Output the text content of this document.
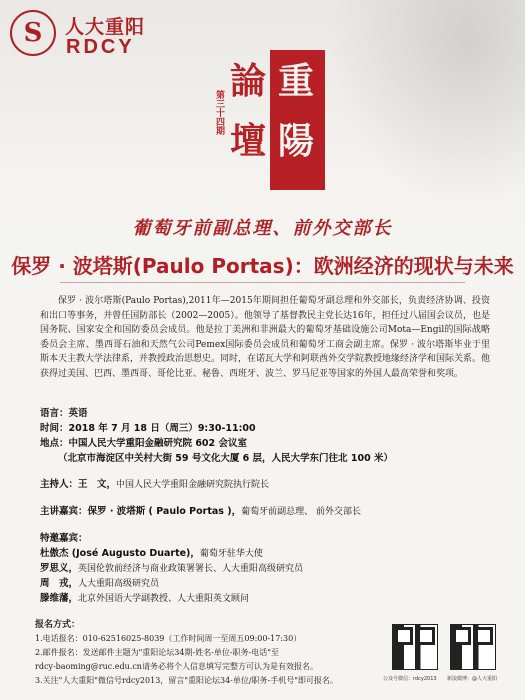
S	人大重阳
RDCY
重
陽
論
壇
第三十四期
葡萄牙前副总理、前外交部长
保罗 · 波塔斯(Paulo Portas)：欧洲经济的现状与未来
保罗 · 波尔塔斯(Paulo Portas),2011年—2015年期间担任葡萄牙副总理和外交部长，负责经济协调、投资和出口等事务，并曾任国防部长（2002—2005）。他领导了基督教民主党长达16年，担任过八届国会议员，也是国务院、国家安全和国防委员会成员。他是拉丁美洲和非洲最大的葡萄牙基础设施公司Mota—Engil的国际战略委员会主席、墨西哥石油和天然气公司Pemex国际委员会成员和葡萄牙工商会副主席。保罗 · 波尔塔斯毕业于里斯本天主教大学法律系，并教授政治思想史。同时，在诺瓦大学和阿联酋外交学院教授地缘经济学和国际关系。他获得过美国、巴西、墨西哥、哥伦比亚、秘鲁、西班牙、波兰、罗马尼亚等国家的外国人最高荣誉和奖项。
语言：英语
时间：2018 年 7 月 18 日（周三）9:30-11:00
地点：中国人民大学重阳金融研究院 602 会议室
（北京市海淀区中关村大街 59 号文化大厦 6 层，人民大学东门往北 100 米）
主持人：王　文，中国人民大学重阳金融研究院执行院长
主讲嘉宾：保罗 · 波塔斯 ( Paulo Portas )，葡萄牙前副总理、 前外交部长
特邀嘉宾：
杜傲杰 (José Augusto Duarte)，葡萄牙驻华大使
罗思义，英国伦敦前经济与商业政策署署长、人大重阳高级研究员
周　戎，人大重阳高级研究员
滕维藩，北京外国语大学副教授、人大重阳英文顾问
报名方式：
1.电话报名：010-62516025-8039（工作时间周一至周五09:00-17:30）
2.邮件报名：发送邮件主题为"重阳论坛34期-姓名-单位-职务-电话"至
rdcy-baoming@ruc.edu.cn请务必将个人信息填写完整方可认为是有效报名。
3.关注"人大重阳"微信号rdcy2013，留言"重阳论坛34-单位/职务-手机号"即可报名。	公众号微信：rdcy2013 新浪微博：@人大重阳
